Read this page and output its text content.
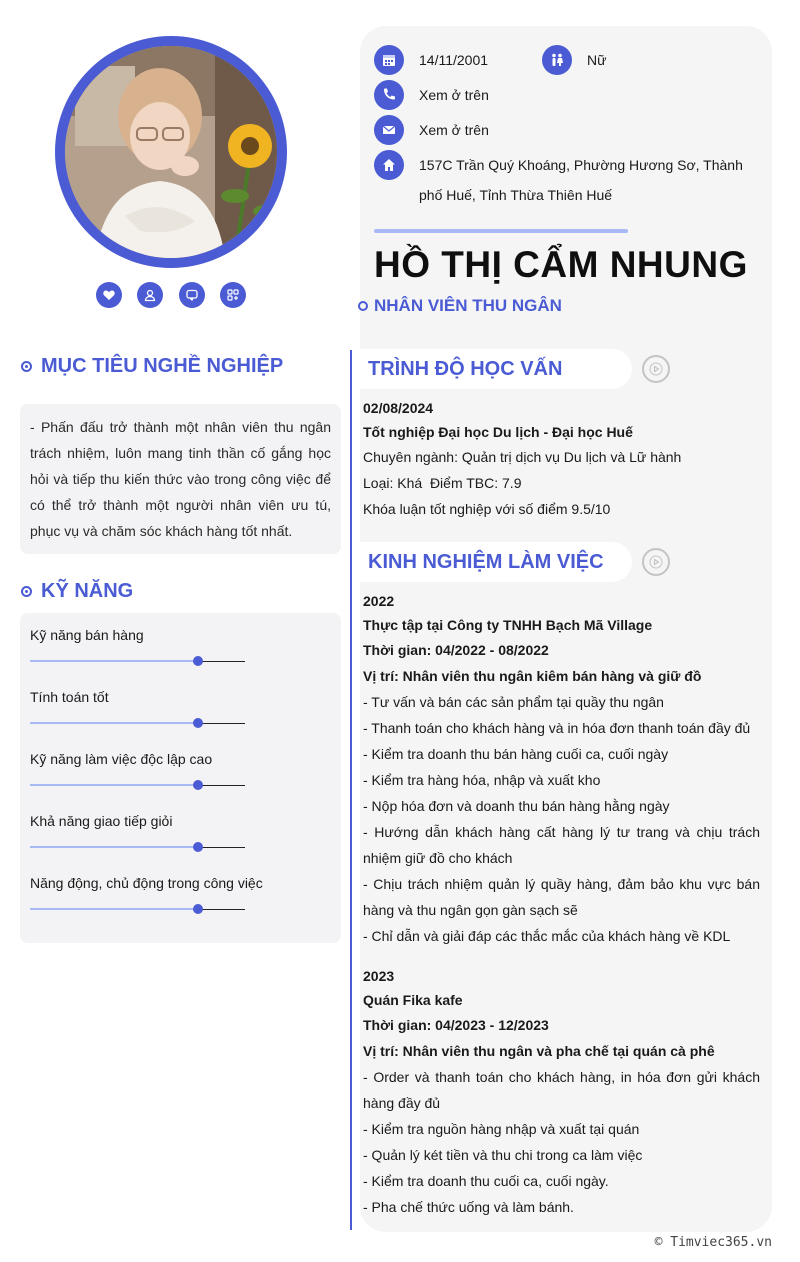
14/11/2001	Nữ
Xem ở trên
Xem ở trên
157C Trần Quý Khoáng, Phường Hương Sơ, Thành phố Huế, Tỉnh Thừa Thiên Huế
HỒ THỊ CẨM NHUNG
NHÂN VIÊN THU NGÂN
MỤC TIÊU NGHỀ NGHIỆP
- Phấn đấu trở thành một nhân viên thu ngân trách nhiệm, luôn mang tinh thần cố gắng học hỏi và tiếp thu kiến thức vào trong công việc để có thể trở thành một người nhân viên ưu tú, phục vụ và chăm sóc khách hàng tốt nhất.
KỸ NĂNG
Kỹ năng bán hàng
Tính toán tốt
Kỹ năng làm việc độc lập cao
Khả năng giao tiếp giỏi
Năng động, chủ động trong công việc
TRÌNH ĐỘ HỌC VẤN
02/08/2024
Tốt nghiệp Đại học Du lịch - Đại học Huế
Chuyên ngành: Quản trị dịch vụ Du lịch và Lữ hành
Loại: Khá  Điểm TBC: 7.9
Khóa luận tốt nghiệp với số điểm 9.5/10
KINH NGHIỆM LÀM VIỆC
2022
Thực tập tại Công ty TNHH Bạch Mã Village
Thời gian: 04/2022 - 08/2022
Vị trí: Nhân viên thu ngân kiêm bán hàng và giữ đồ
- Tư vấn và bán các sản phẩm tại quầy thu ngân
- Thanh toán cho khách hàng và in hóa đơn thanh toán đầy đủ
- Kiểm tra doanh thu bán hàng cuối ca, cuối ngày
- Kiểm tra hàng hóa, nhập và xuất kho
- Nộp hóa đơn và doanh thu bán hàng hằng ngày
- Hướng dẫn khách hàng cất hàng lý tư trang và chịu trách nhiệm giữ đồ cho khách
- Chịu trách nhiệm quản lý quầy hàng, đảm bảo khu vực bán hàng và thu ngân gọn gàn sạch sẽ
- Chỉ dẫn và giải đáp các thắc mắc của khách hàng về KDL
2023
Quán Fika kafe
Thời gian: 04/2023 - 12/2023
Vị trí: Nhân viên thu ngân và pha chế tại quán cà phê
- Order và thanh toán cho khách hàng, in hóa đơn gửi khách hàng đầy đủ
- Kiểm tra nguồn hàng nhập và xuất tại quán
- Quản lý két tiền và thu chi trong ca làm việc
- Kiểm tra doanh thu cuối ca, cuối ngày.
- Pha chế thức uống và làm bánh.
© Timviec365.vn
